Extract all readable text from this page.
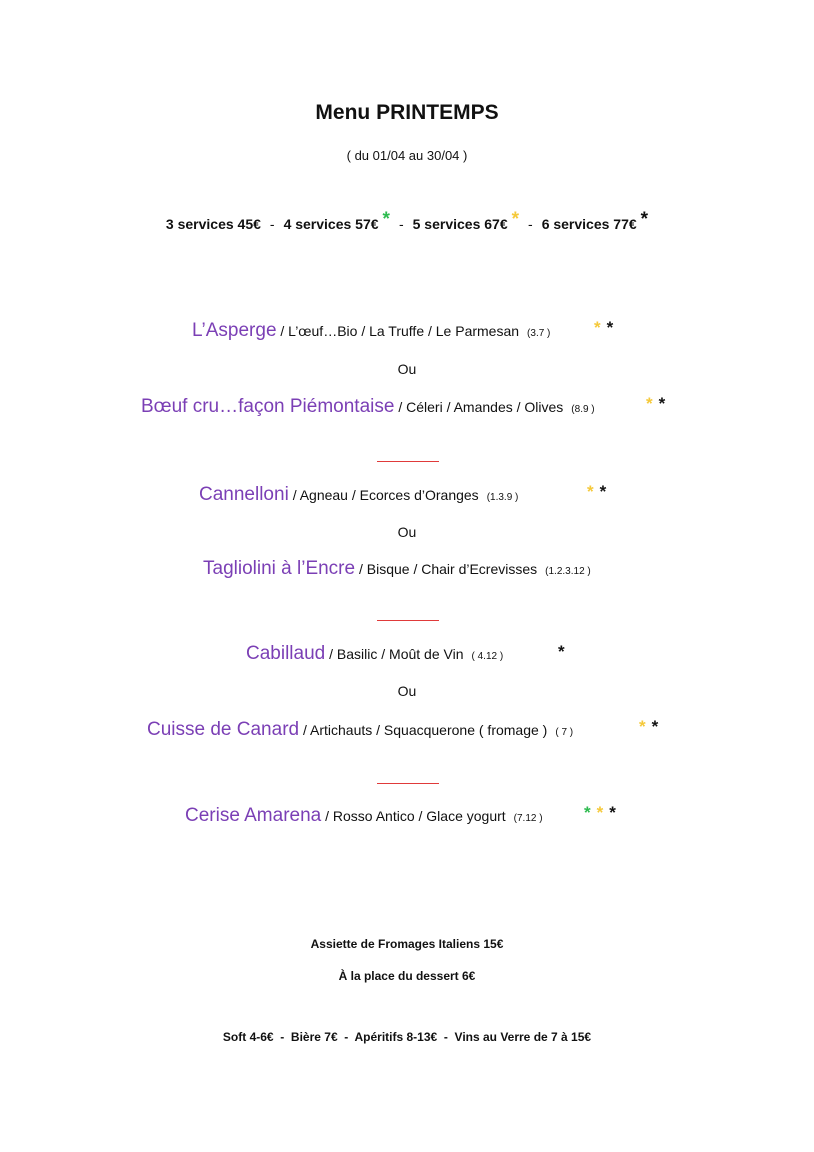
Menu PRINTEMPS
( du 01/04 au 30/04 )
3 services 45€ - 4 services 57€ * - 5 services 67€ * - 6 services 77€ *
L’Asperge / L’œuf…Bio / La Truffe / Le Parmesan (3.7 )	**
Ou
Bœuf cru…façon Piémontaise / Céleri / Amandes / Olives (8.9 )	**
Cannelloni / Agneau / Ecorces d’Oranges (1.3.9 )	**
Ou
Tagliolini à l’Encre / Bisque / Chair d’Ecrevisses (1.2.3.12 )
Cabillaud / Basilic / Moût de Vin ( 4.12 )	*
Ou
Cuisse de Canard / Artichauts / Squacquerone ( fromage ) ( 7 )	**
Cerise Amarena / Rosso Antico / Glace yogurt (7.12 ) ***
Assiette de Fromages Italiens 15€
À la place du dessert 6€
Soft 4-6€  -  Bière 7€  -  Apéritifs 8-13€  -  Vins au Verre de 7 à 15€
